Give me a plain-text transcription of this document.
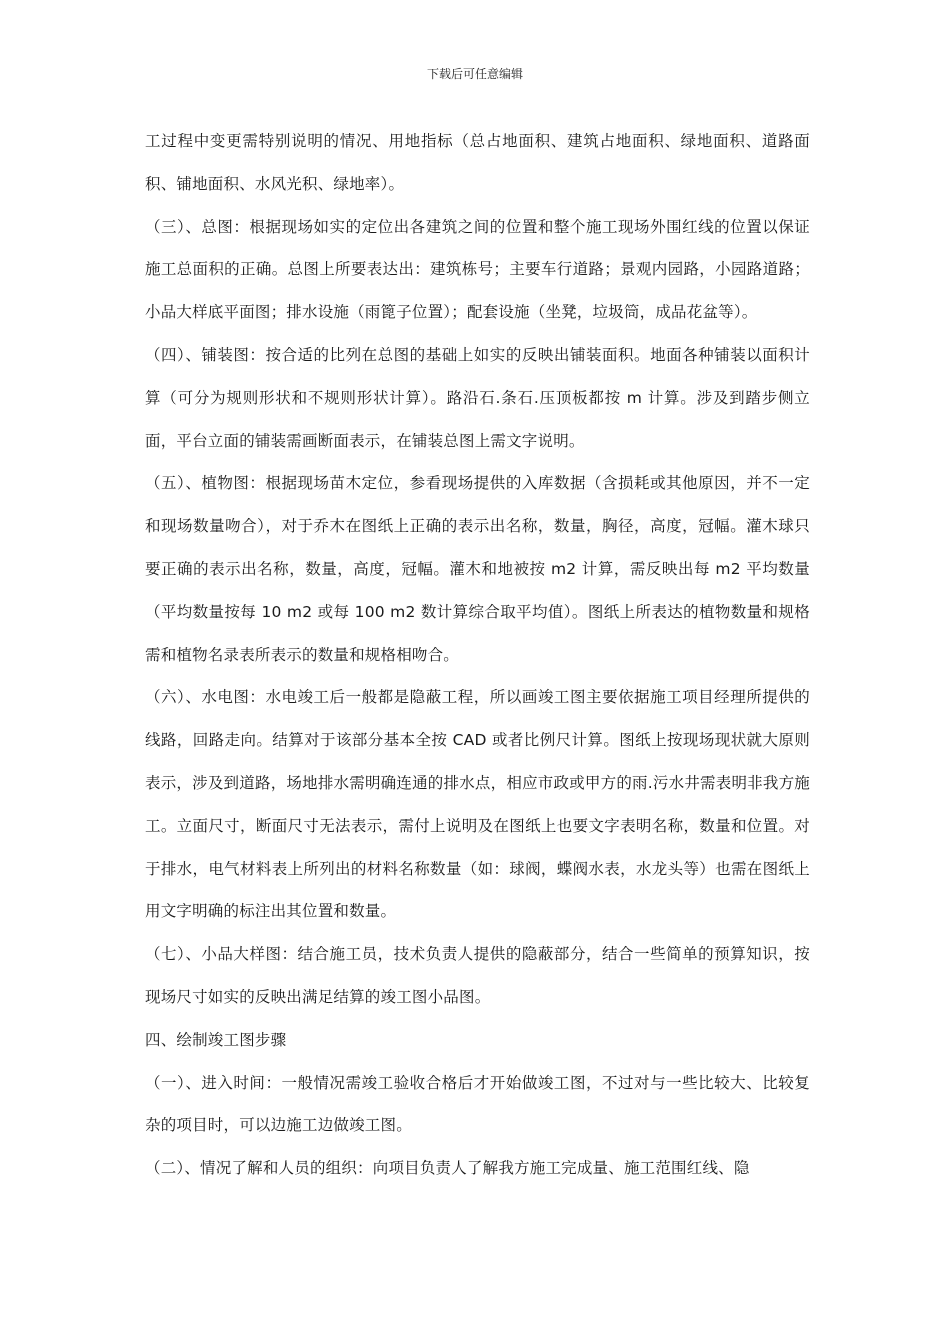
下载后可任意编辑

工过程中变更需特别说明的情况、用地指标（总占地面积、建筑占地面积、绿地面积、道路面积、铺地面积、水风光积、绿地率）。

（三）、总图：根据现场如实的定位出各建筑之间的位置和整个施工现场外围红线的位置以保证施工总面积的正确。总图上所要表达出：建筑栋号；主要车行道路；景观内园路，小园路道路；小品大样底平面图；排水设施（雨篦子位置）；配套设施（坐凳，垃圾筒，成品花盆等）。

（四）、铺装图：按合适的比列在总图的基础上如实的反映出铺装面积。地面各种铺装以面积计算（可分为规则形状和不规则形状计算）。路沿石.条石.压顶板都按 m 计算。涉及到踏步侧立面，平台立面的铺装需画断面表示，在铺装总图上需文字说明。

（五）、植物图：根据现场苗木定位，参看现场提供的入库数据（含损耗或其他原因，并不一定和现场数量吻合），对于乔木在图纸上正确的表示出名称，数量，胸径，高度，冠幅。灌木球只要正确的表示出名称，数量，高度，冠幅。灌木和地被按 m2 计算，需反映出每 m2 平均数量（平均数量按每 10 m2 或每 100 m2 数计算综合取平均值）。图纸上所表达的植物数量和规格需和植物名录表所表示的数量和规格相吻合。

（六）、水电图：水电竣工后一般都是隐蔽工程，所以画竣工图主要依据施工项目经理所提供的线路，回路走向。结算对于该部分基本全按 CAD 或者比例尺计算。图纸上按现场现状就大原则表示，涉及到道路，场地排水需明确连通的排水点，相应市政或甲方的雨.污水井需表明非我方施工。立面尺寸，断面尺寸无法表示，需付上说明及在图纸上也要文字表明名称，数量和位置。对于排水，电气材料表上所列出的材料名称数量（如：球阀，蝶阀水表，水龙头等）也需在图纸上用文字明确的标注出其位置和数量。

（七）、小品大样图：结合施工员，技术负责人提供的隐蔽部分，结合一些简单的预算知识，按现场尺寸如实的反映出满足结算的竣工图小品图。

四、绘制竣工图步骤

（一）、进入时间：一般情况需竣工验收合格后才开始做竣工图，不过对与一些比较大、比较复杂的项目时，可以边施工边做竣工图。

（二）、情况了解和人员的组织：向项目负责人了解我方施工完成量、施工范围红线、隐
